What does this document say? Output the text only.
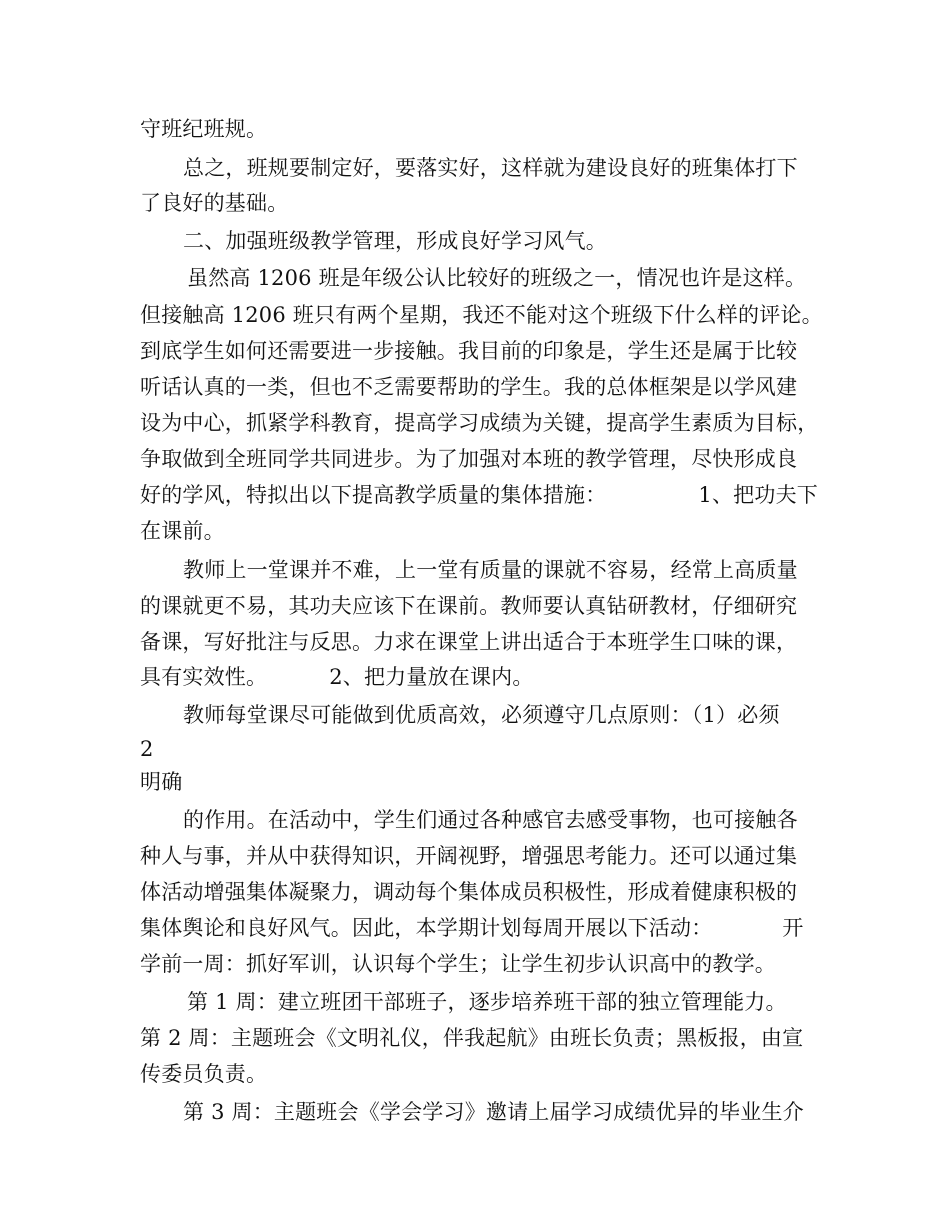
守班纪班规。
总之，班规要制定好，要落实好，这样就为建设良好的班集体打下
了良好的基础。
二、加强班级教学管理，形成良好学习风气。
虽然高 1206 班是年级公认比较好的班级之一，情况也许是这样。
但接触高 1206 班只有两个星期，我还不能对这个班级下什么样的评论。
到底学生如何还需要进一步接触。我目前的印象是，学生还是属于比较
听话认真的一类，但也不乏需要帮助的学生。我的总体框架是以学风建
设为中心，抓紧学科教育，提高学习成绩为关键，提高学生素质为目标，
争取做到全班同学共同进步。为了加强对本班的教学管理，尽快形成良
好的学风，特拟出以下提高教学质量的集体措施：	1、把功夫下
在课前。
教师上一堂课并不难，上一堂有质量的课就不容易，经常上高质量
的课就更不易，其功夫应该下在课前。教师要认真钻研教材，仔细研究
备课，写好批注与反思。力求在课堂上讲出适合于本班学生口味的课，
具有实效性。	2、把力量放在课内。
教师每堂课尽可能做到优质高效，必须遵守几点原则：（1）必须
2
明确
的作用。在活动中，学生们通过各种感官去感受事物，也可接触各
种人与事，并从中获得知识，开阔视野，增强思考能力。还可以通过集
体活动增强集体凝聚力，调动每个集体成员积极性，形成着健康积极的
集体舆论和良好风气。因此，本学期计划每周开展以下活动：	开
学前一周：抓好军训，认识每个学生；让学生初步认识高中的教学。
第 1 周：建立班团干部班子，逐步培养班干部的独立管理能力。
第 2 周：主题班会《文明礼仪，伴我起航》由班长负责；黑板报，由宣
传委员负责。
第 3 周：主题班会《学会学习》邀请上届学习成绩优异的毕业生介
